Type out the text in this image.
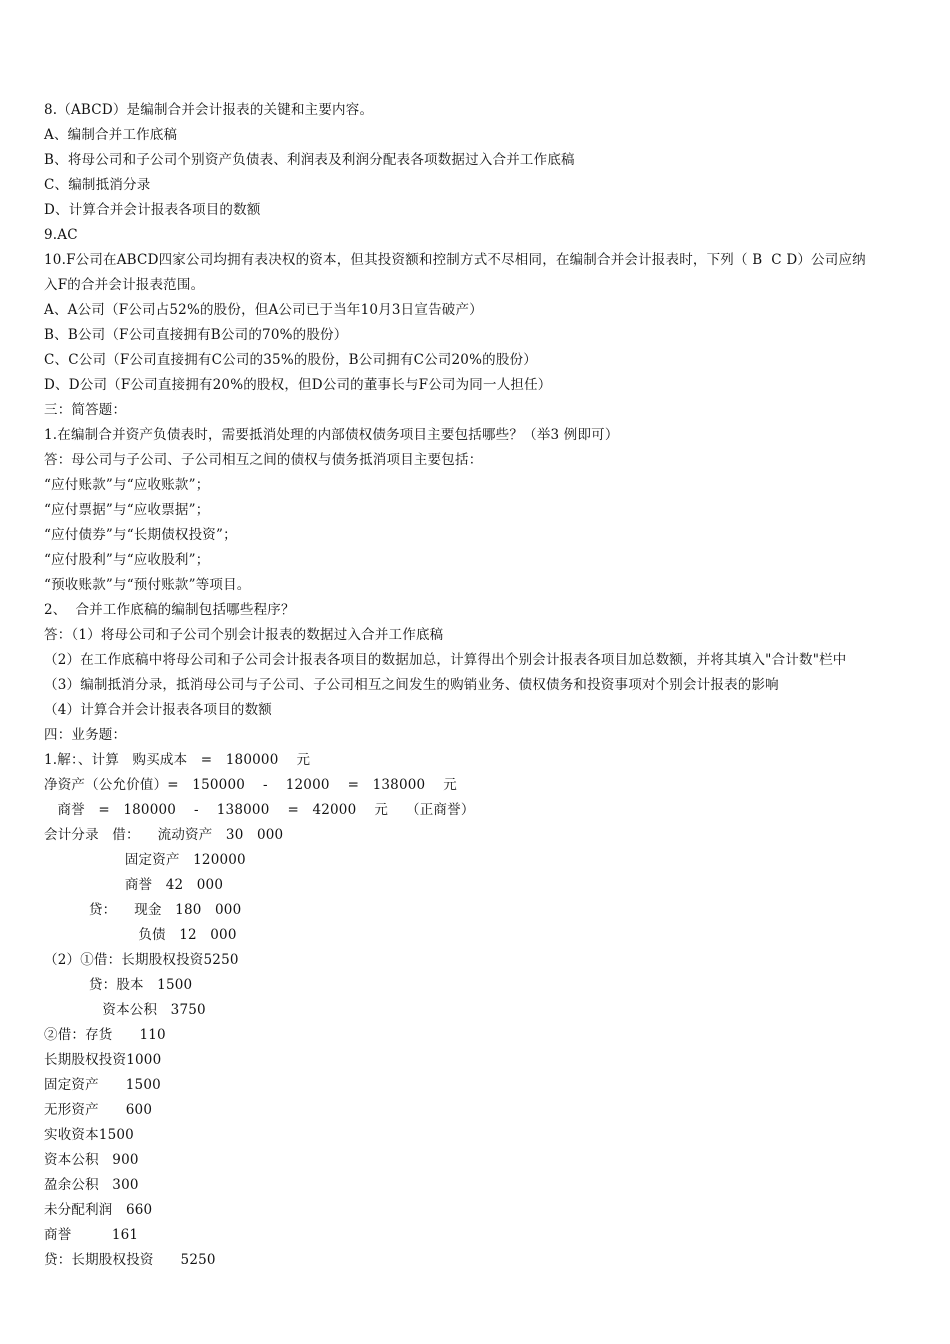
8.（ABCD）是编制合并会计报表的关键和主要内容。
A、编制合并工作底稿
B、将母公司和子公司个别资产负债表、利润表及利润分配表各项数据过入合并工作底稿
C、编制抵消分录
D、计算合并会计报表各项目的数额
9.AC
10.F公司在ABCD四家公司均拥有表决权的资本，但其投资额和控制方式不尽相同，在编制合并会计报表时，下列（ B  C D）公司应纳
入F的合并会计报表范围。
A、A公司（F公司占52%的股份，但A公司已于当年10月3日宣告破产）
B、B公司（F公司直接拥有B公司的70%的股份）
C、C公司（F公司直接拥有C公司的35%的股份，B公司拥有C公司20%的股份）
D、D公司（F公司直接拥有20%的股权，但D公司的董事长与F公司为同一人担任）
三：简答题：
1.在编制合并资产负债表时，需要抵消处理的内部债权债务项目主要包括哪些？（举3 例即可）
答：母公司与子公司、子公司相互之间的债权与债务抵消项目主要包括：
“应付账款”与“应收账款”；
“应付票据”与“应收票据”；
“应付债券”与“长期债权投资”；
“应付股利”与“应收股利”；
“预收账款”与“预付账款”等项目。
2、  合并工作底稿的编制包括哪些程序？
答：（1）将母公司和子公司个别会计报表的数据过入合并工作底稿
（2）在工作底稿中将母公司和子公司会计报表各项目的数据加总，计算得出个别会计报表各项目加总数额，并将其填入"合计数"栏中
（3）编制抵消分录，抵消母公司与子公司、子公司相互之间发生的购销业务、债权债务和投资事项对个别会计报表的影响
（4）计算合并会计报表各项目的数额
四：业务题：
1.解：、计算   购买成本   =   180000    元
净资产（公允价值）=   150000    -    12000    =   138000    元
商誉   =   180000    -    138000    =   42000    元    （正商誉）
会计分录   借：    流动资产   30   000
固定资产   120000
商誉   42   000
贷：    现金   180   000
负债   12   000
（2）①借：长期股权投资5250
贷：股本   1500
资本公积   3750
②借：存货      110
长期股权投资1000
固定资产      1500
无形资产      600
实收资本1500
资本公积   900
盈余公积   300
未分配利润   660
商誉         161
贷：长期股权投资      5250
